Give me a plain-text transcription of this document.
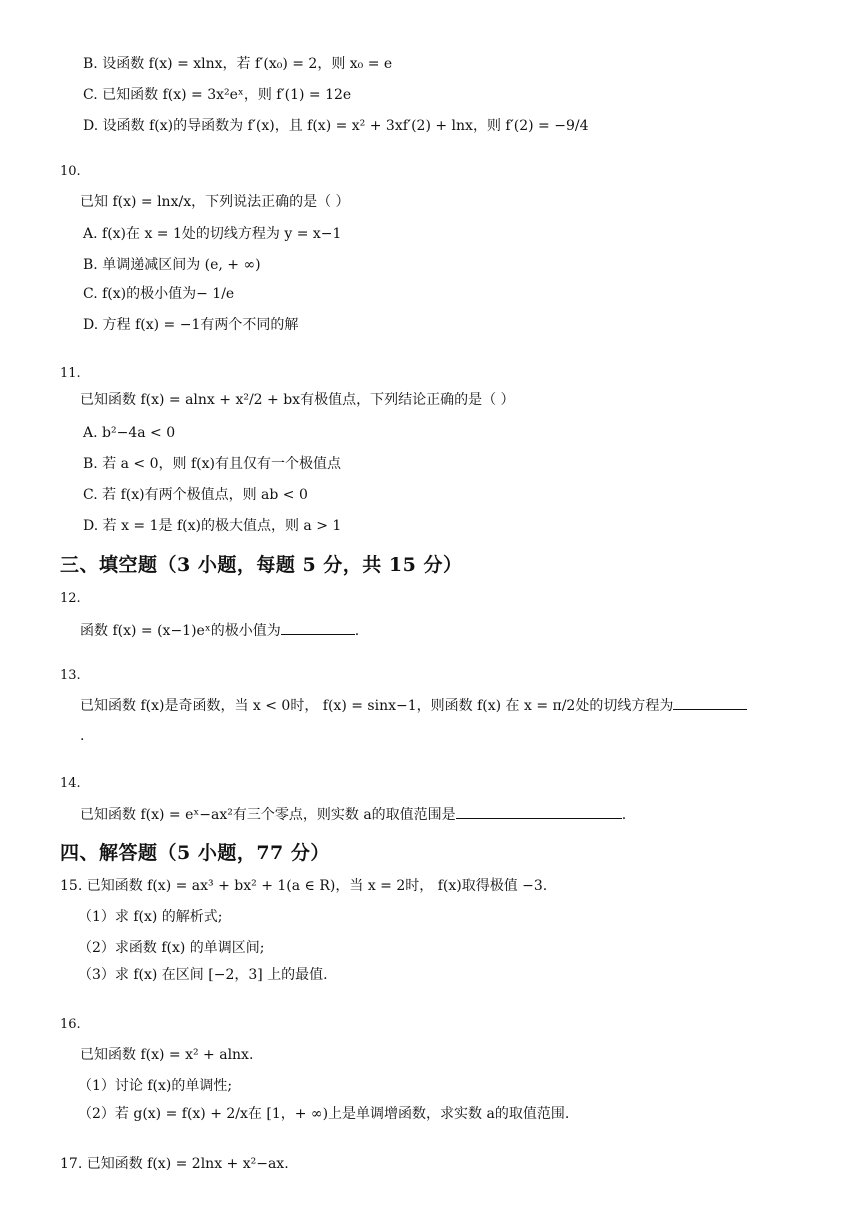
B. 设函数 f(x) = xlnx，若 f′(x₀) = 2，则 x₀ = e
C. 已知函数 f(x) = 3x²eˣ，则 f′(1) = 12e
D. 设函数 f(x)的导函数为 f′(x)，且 f(x) = x² + 3xf′(2) + lnx，则 f′(2) = −9/4
10.
已知 f(x) = lnx/x，下列说法正确的是（ ）
A. f(x)在 x = 1处的切线方程为 y = x−1
B. 单调递减区间为 (e, + ∞)
C. f(x)的极小值为− 1/e
D. 方程 f(x) = −1有两个不同的解
11.
已知函数 f(x) = alnx + x²/2 + bx有极值点，下列结论正确的是（ ）
A. b²−4a < 0
B. 若 a < 0，则 f(x)有且仅有一个极值点
C. 若 f(x)有两个极值点，则 ab < 0
D. 若 x = 1是 f(x)的极大值点，则 a > 1
三、填空题（3 小题，每题 5 分，共 15 分）
12.
函数 f(x) = (x−1)eˣ的极小值为	.
13.
已知函数 f(x)是奇函数，当 x < 0时， f(x) = sinx−1，则函数 f(x) 在 x = π/2处的切线方程为
.
14.
已知函数 f(x) = eˣ−ax²有三个零点，则实数 a的取值范围是	.
四、解答题（5 小题，77 分）
15. 已知函数 f(x) = ax³ + bx² + 1(a ∈ R)，当 x = 2时， f(x)取得极值 −3.
（1）求 f(x) 的解析式;
（2）求函数 f(x) 的单调区间;
（3）求 f(x) 在区间 [−2，3] 上的最值.
16.
已知函数 f(x) = x² + alnx.
（1）讨论 f(x)的单调性;
（2）若 g(x) = f(x) + 2/x在 [1，+ ∞)上是单调增函数，求实数 a的取值范围.
17. 已知函数 f(x) = 2lnx + x²−ax.
